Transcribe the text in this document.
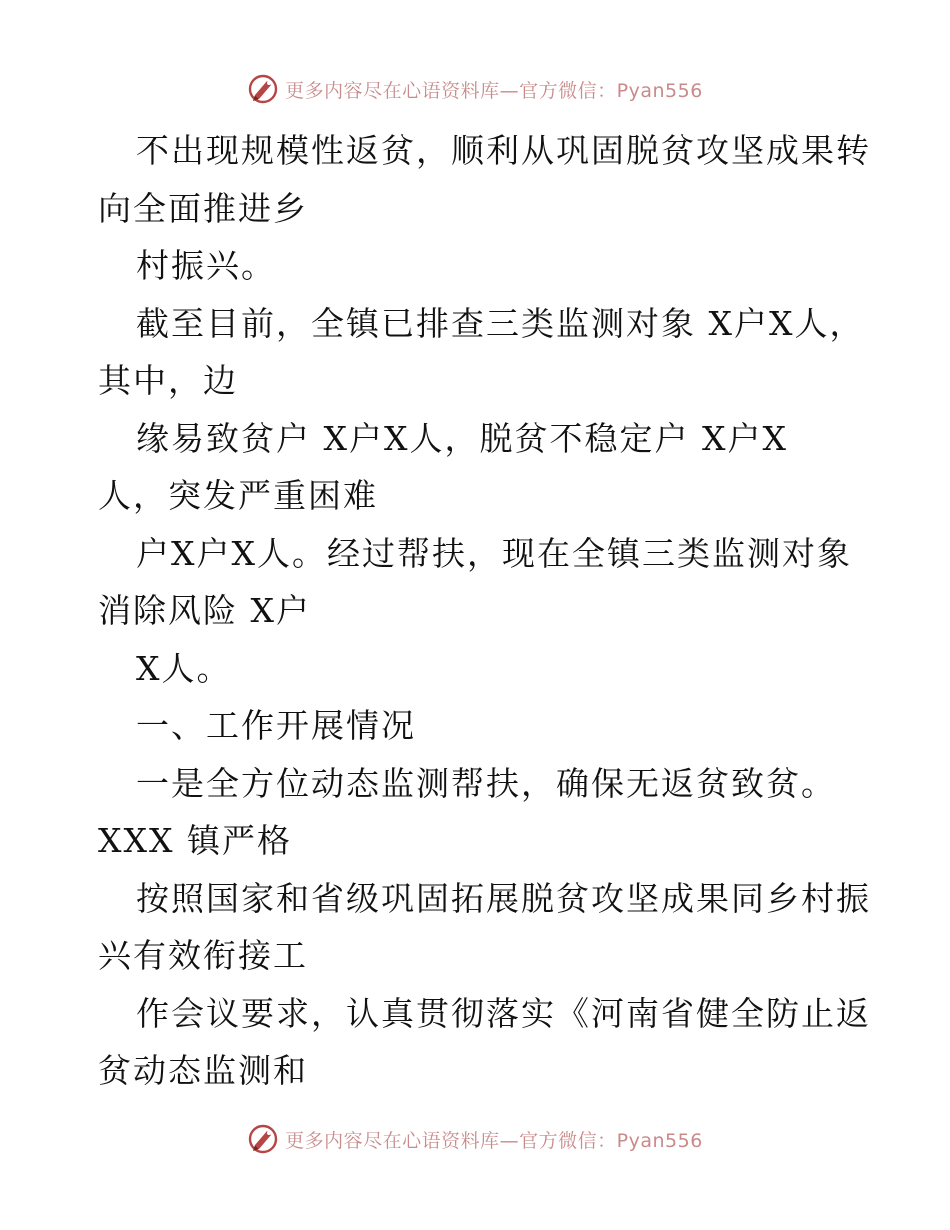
更多内容尽在心语资料库—官方微信：Pyan556
不出现规模性返贫，顺利从巩固脱贫攻坚成果转
向全面推进乡
村振兴。
截至目前，全镇已排查三类监测对象 X户X人，
其中，边
缘易致贫户 X户X人，脱贫不稳定户 X户X
人，突发严重困难
户X户X人。经过帮扶，现在全镇三类监测对象
消除风险 X户
X人。
一、工作开展情况
一是全方位动态监测帮扶，确保无返贫致贫。
XXX 镇严格
按照国家和省级巩固拓展脱贫攻坚成果同乡村振
兴有效衔接工
作会议要求，认真贯彻落实《河南省健全防止返
贫动态监测和
更多内容尽在心语资料库—官方微信：Pyan556
